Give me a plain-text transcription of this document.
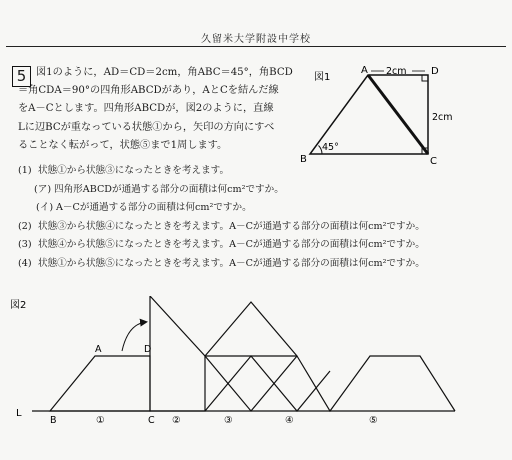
久留米大学附設中学校
5 図1のように，AD＝CD＝2cm，角ABC＝45°，角BCD
＝角CDA＝90°の四角形ABCDがあり，AとCを結んだ線
をA－Cとします。四角形ABCDが，図2のように，直線
Lに辺BCが重なっている状態①から，矢印の方向にすべ
ることなく転がって，状態⑤まで1周します。
図1
A	D
B	C
2cm
2cm
45°
(1) 状態①から状態③になったときを考えます。
(ア) 四角形ABCDが通過する部分の面積は何cm²ですか。
(イ) A－Cが通過する部分の面積は何cm²ですか。
(2) 状態③から状態④になったときを考えます。A－Cが通過する部分の面積は何cm²ですか。
(3) 状態④から状態⑤になったときを考えます。A－Cが通過する部分の面積は何cm²ですか。
(4) 状態①から状態⑤になったときを考えます。A－Cが通過する部分の面積は何cm²ですか。
図2
L
A	D
B	C
①	②	③	④	⑤
